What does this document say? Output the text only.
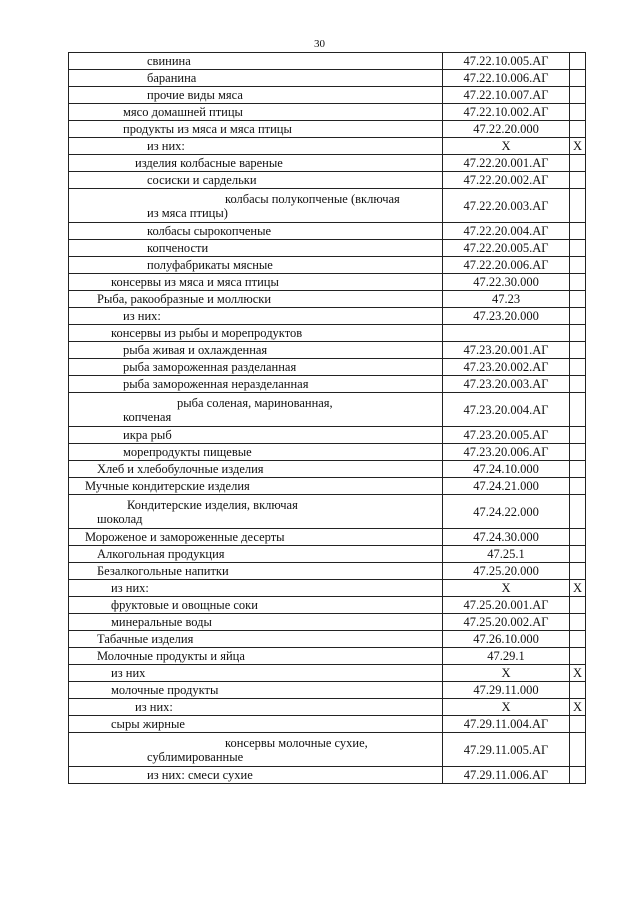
30
свинина	47.22.10.005.АГ	

баранина	47.22.10.006.АГ	

прочие виды мяса	47.22.10.007.АГ	

мясо домашней птицы	47.22.10.002.АГ	

продукты из мяса и мяса птицы	47.22.20.000	

из них:	Х	Х

изделия колбасные вареные	47.22.20.001.АГ	

сосиски и сардельки	47.22.20.002.АГ	

колбасы полукопченые (включая
из мяса птицы)	47.22.20.003.АГ	

колбасы сырокопченые	47.22.20.004.АГ	

копчености	47.22.20.005.АГ	

полуфабрикаты мясные	47.22.20.006.АГ	

консервы из мяса и мяса птицы	47.22.30.000	

Рыба, ракообразные и моллюски	47.23	

из них:	47.23.20.000	

консервы из рыбы и морепродуктов		

рыба живая и охлажденная	47.23.20.001.АГ	

рыба замороженная разделанная	47.23.20.002.АГ	

рыба замороженная неразделанная	47.23.20.003.АГ	

рыба соленая, маринованная,
копченая	47.23.20.004.АГ	

икра рыб	47.23.20.005.АГ	

морепродукты пищевые	47.23.20.006.АГ	

Хлеб и хлебобулочные изделия	47.24.10.000	

Мучные кондитерские изделия	47.24.21.000	

Кондитерские изделия, включая
шоколад	47.24.22.000	

Мороженое и замороженные десерты	47.24.30.000	

Алкогольная продукция	47.25.1	

Безалкогольные напитки	47.25.20.000	

из них:	Х	Х

фруктовые и овощные соки	47.25.20.001.АГ	

минеральные воды	47.25.20.002.АГ	

Табачные изделия	47.26.10.000	

Молочные продукты и яйца	47.29.1	

из них	Х	Х

молочные продукты	47.29.11.000	

из них:	Х	Х

сыры жирные	47.29.11.004.АГ	

консервы молочные сухие,
сублимированные	47.29.11.005.АГ	

из них: смеси сухие	47.29.11.006.АГ	
